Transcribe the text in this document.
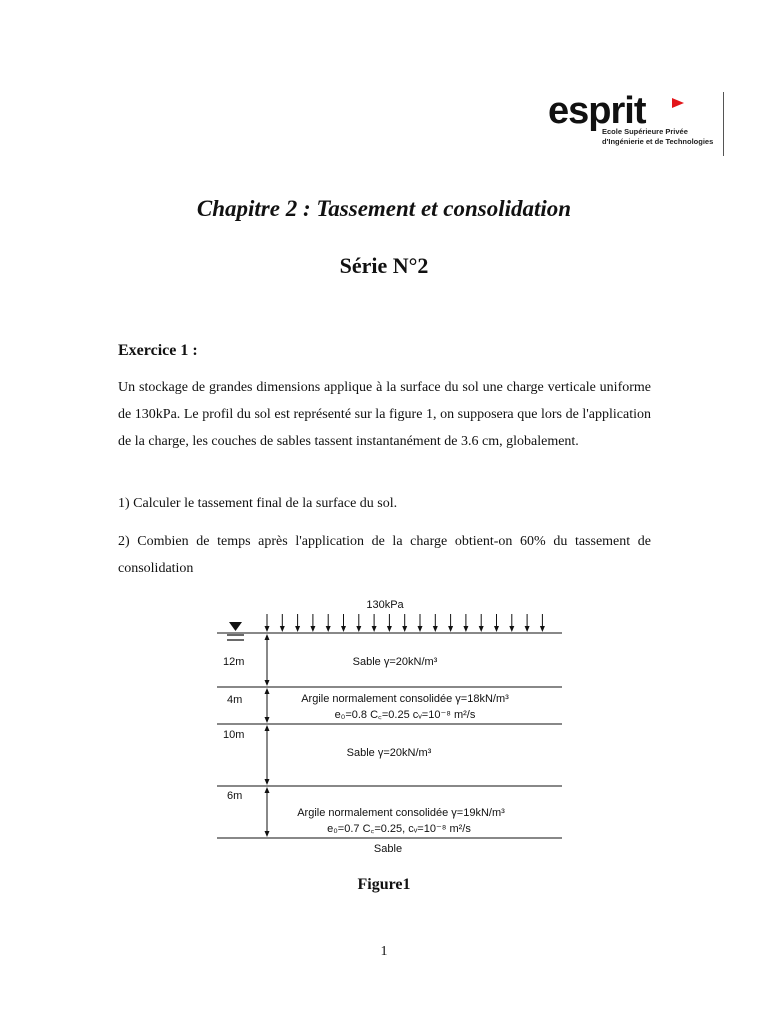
esprit
Ecole Supérieure Privée
d'Ingénierie et de Technologies
Chapitre 2 : Tassement et consolidation
Série N°2
Exercice 1 :
Un stockage de grandes dimensions applique à la surface du sol une charge verticale uniforme de 130kPa. Le profil du sol est représenté sur la figure 1, on supposera que lors de l'application de la charge, les couches de sables tassent instantanément de 3.6 cm, globalement.
1) Calculer le tassement final de la surface du sol.
2) Combien de temps après l'application de la charge obtient-on 60% du tassement de consolidation
130kPa
12m	Sable γ=20kN/m³
4m	Argile normalement consolidée γ=18kN/m³
e₀=0.8 C꜀=0.25 cᵥ=10⁻⁸ m²/s
10m
Sable γ=20kN/m³
6m
Argile normalement consolidée γ=19kN/m³
e₀=0.7 C꜀=0.25, cᵥ=10⁻⁸ m²/s
Sable
Figure1
1
